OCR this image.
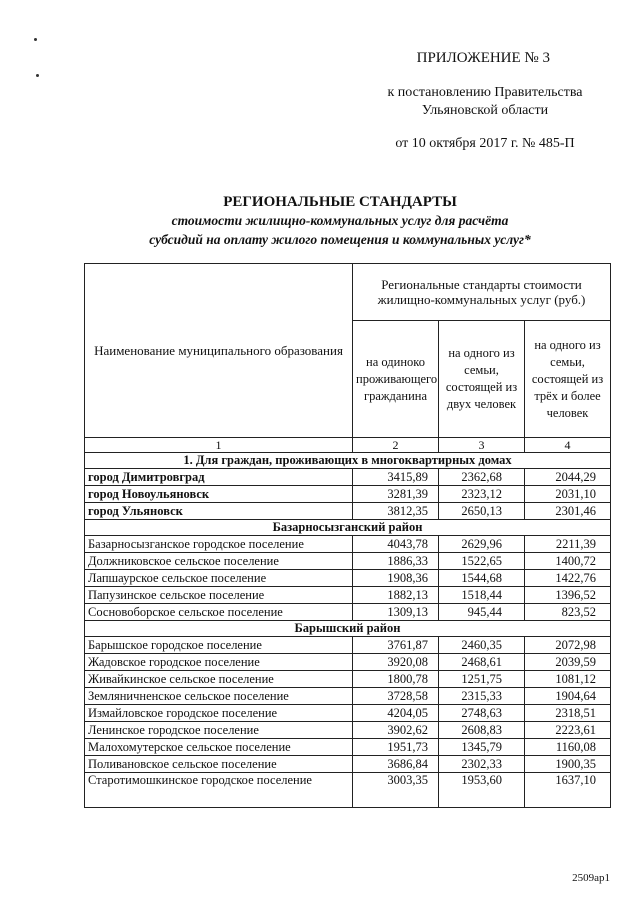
ПРИЛОЖЕНИЕ № 3
к постановлению Правительства
Ульяновской области
от 10 октября 2017 г. № 485-П
РЕГИОНАЛЬНЫЕ СТАНДАРТЫ
стоимости жилищно-коммунальных услуг для расчёта
субсидий на оплату жилого помещения и коммунальных услуг*
Наименование муниципального образования	Региональные стандарты стоимости жилищно-коммунальных услуг (руб.)		
	на одиноко проживающего гражданина	на одного из семьи, состоящей из двух человек	на одного из семьи, состоящей из трёх и более человек
1	2	3	4
1. Для граждан, проживающих в многоквартирных домах			
город Димитровград	3415,89	2362,68	2044,29
город Новоульяновск	3281,39	2323,12	2031,10
город Ульяновск	3812,35	2650,13	2301,46
Базарносызганский район			
Базарносызганское городское поселение	4043,78	2629,96	2211,39
Должниковское сельское поселение	1886,33	1522,65	1400,72
Лапшаурское сельское поселение	1908,36	1544,68	1422,76
Папузинское сельское поселение	1882,13	1518,44	1396,52
Сосновоборское сельское поселение	1309,13	945,44	823,52
Барышский район			
Барышское городское поселение	3761,87	2460,35	2072,98
Жадовское городское поселение	3920,08	2468,61	2039,59
Живайкинское сельское поселение	1800,78	1251,75	1081,12
Земляничненское сельское поселение	3728,58	2315,33	1904,64
Измайловское городское поселение	4204,05	2748,63	2318,51
Ленинское городское поселение	3902,62	2608,83	2223,61
Малохомутерское сельское поселение	1951,73	1345,79	1160,08
Поливановское сельское поселение	3686,84	2302,33	1900,35
Старотимошкинское городское поселение	3003,35	1953,60	1637,10
2509ap1
